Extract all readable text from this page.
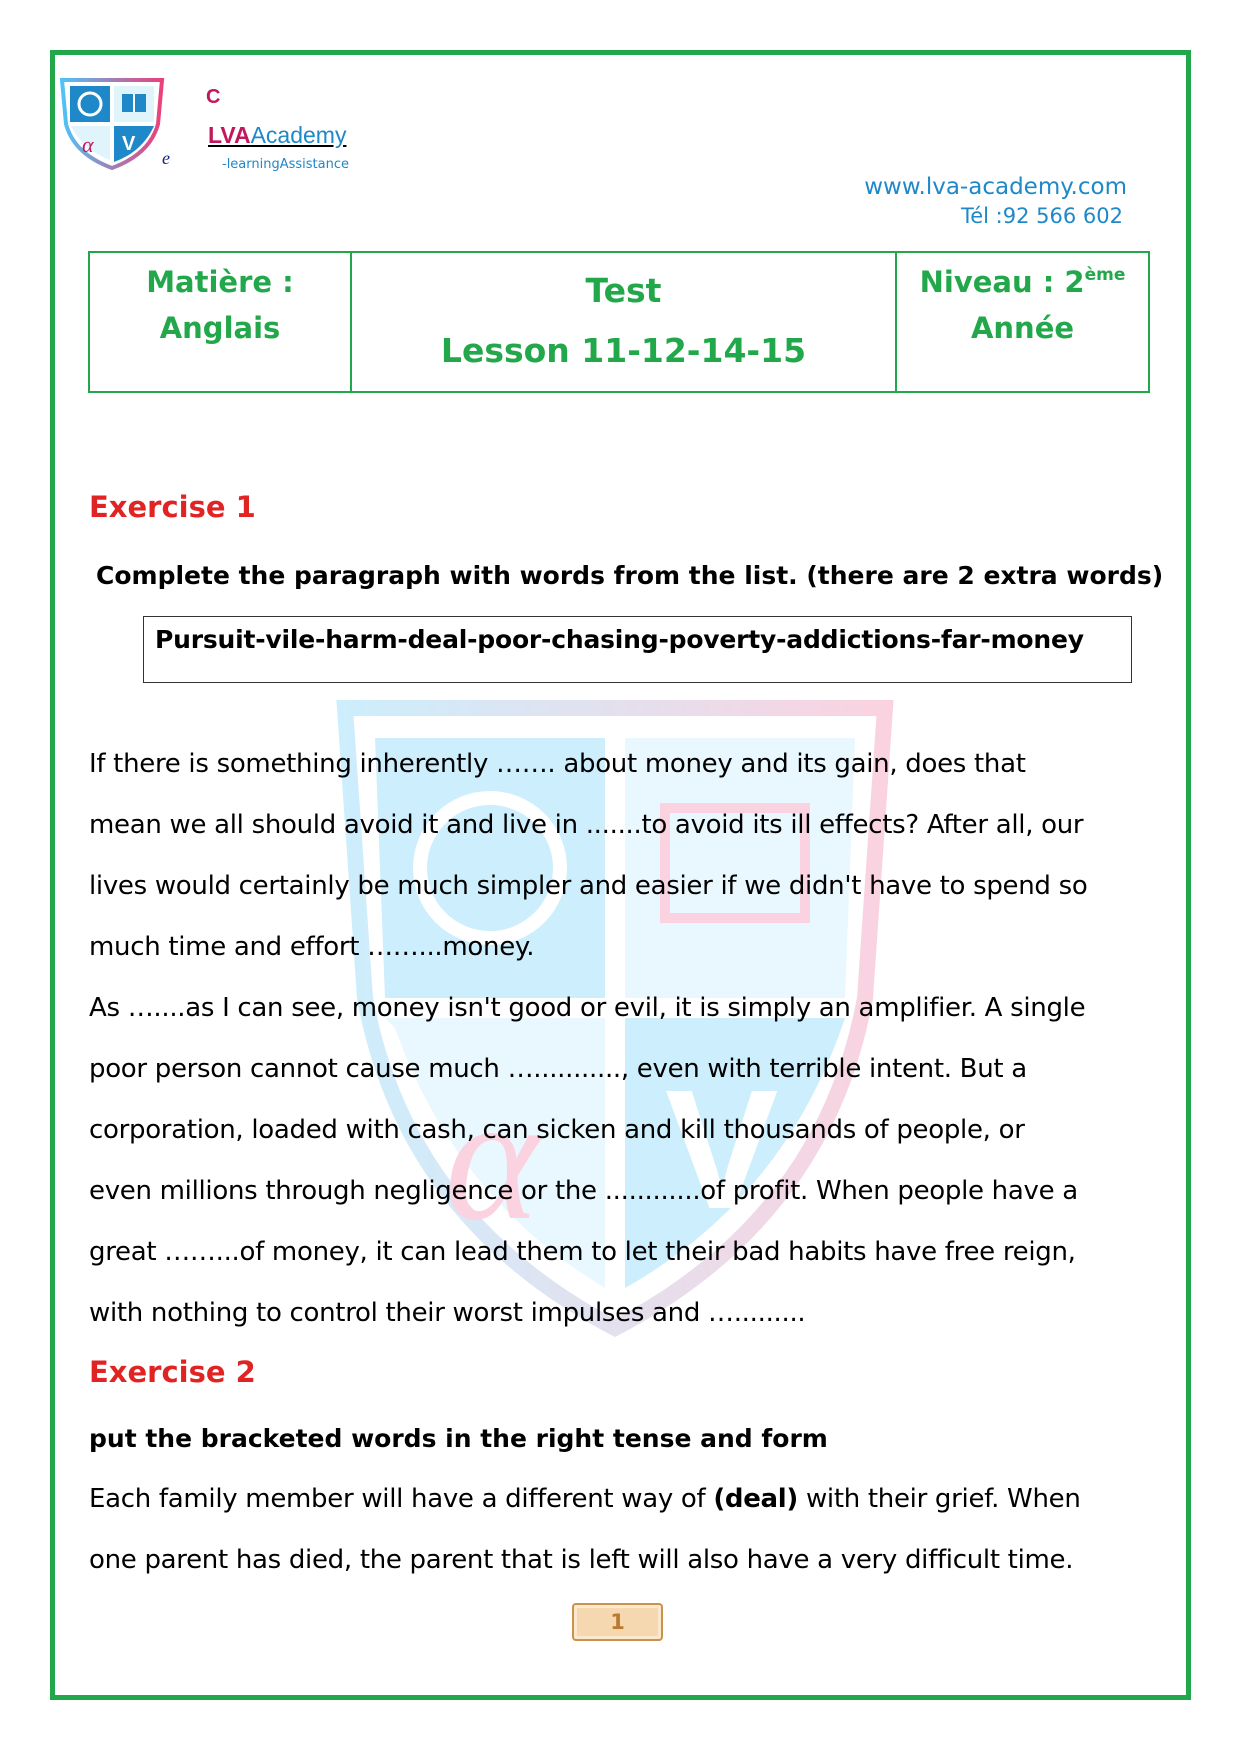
α V
C
e
LVAAcademy
-learningAssistance
www.lva-academy.com
Tél :92 566 602
Matière :
Anglais
Test
Lesson 11-12-14-15
Niveau : 2ème
Année
α V
Exercise 1
Complete the paragraph with words from the list. (there are 2 extra words)
Pursuit-vile-harm-deal-poor-chasing-poverty-addictions-far-money
If there is something inherently ……. about money and its gain, does that
mean we all should avoid it and live in .......to avoid its ill effects? After all, our
lives would certainly be much simpler and easier if we didn't have to spend so
much time and effort ……...money.
As …....as I can see, money isn't good or evil, it is simply an amplifier. A single
poor person cannot cause much …..........., even with terrible intent. But a
corporation, loaded with cash, can sicken and kill thousands of people, or
even millions through negligence or the ............of profit. When people have a
great ……...of money, it can lead them to let their bad habits have free reign,
with nothing to control their worst impulses and ….........
Exercise 2
put the bracketed words in the right tense and form
Each family member will have a different way of (deal) with their grief. When
one parent has died, the parent that is left will also have a very difficult time.
1
